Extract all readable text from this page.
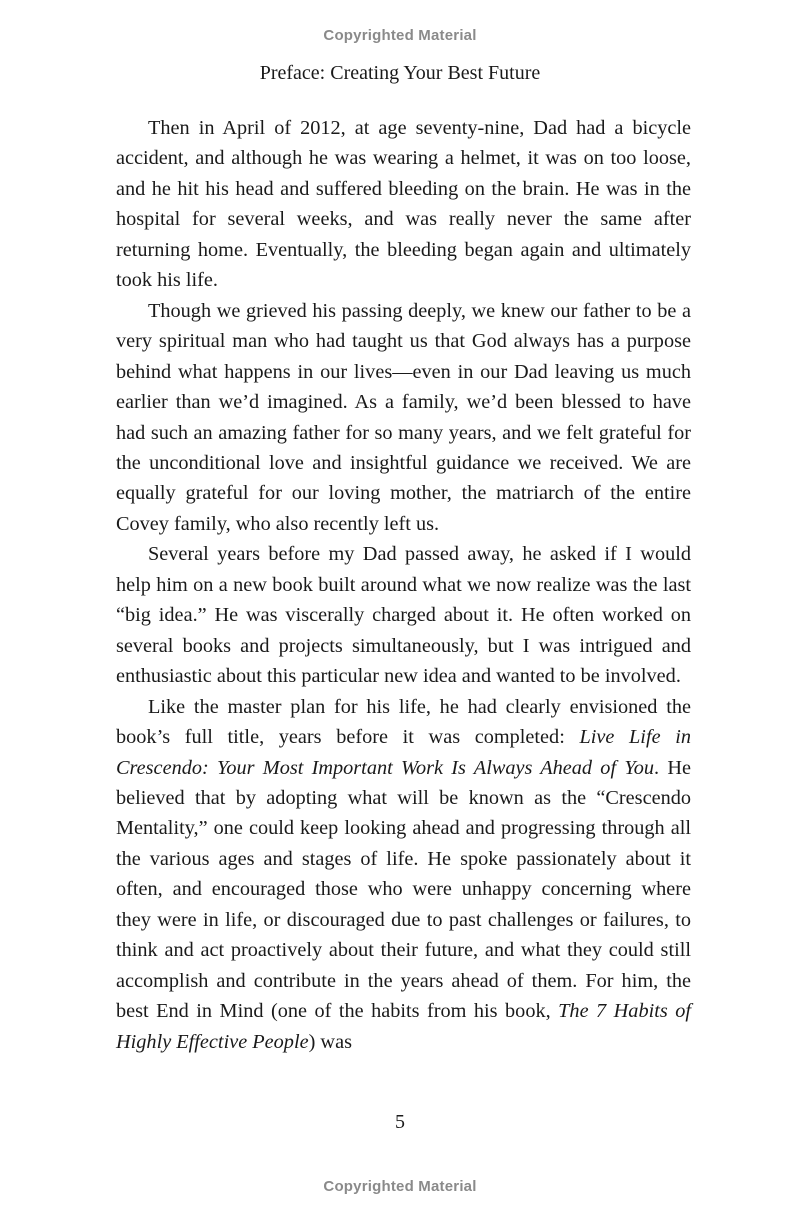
Copyrighted Material
Preface: Creating Your Best Future

Then in April of 2012, at age seventy-nine, Dad had a bicycle accident, and although he was wearing a helmet, it was on too loose, and he hit his head and suffered bleeding on the brain. He was in the hospital for several weeks, and was really never the same after returning home. Eventually, the bleeding began again and ultimately took his life.

Though we grieved his passing deeply, we knew our father to be a very spiritual man who had taught us that God always has a purpose behind what happens in our lives—even in our Dad leaving us much earlier than we’d imagined. As a family, we’d been blessed to have had such an amazing father for so many years, and we felt grateful for the unconditional love and insightful guidance we received. We are equally grateful for our loving mother, the matriarch of the entire Covey family, who also recently left us.

Several years before my Dad passed away, he asked if I would help him on a new book built around what we now realize was the last “big idea.” He was viscerally charged about it. He often worked on several books and projects simultaneously, but I was intrigued and enthusiastic about this particular new idea and wanted to be involved.

Like the master plan for his life, he had clearly envisioned the book’s full title, years before it was completed: Live Life in Crescendo: Your Most Important Work Is Always Ahead of You. He believed that by adopting what will be known as the “Crescendo Mentality,” one could keep looking ahead and progressing through all the various ages and stages of life. He spoke passionately about it often, and encouraged those who were unhappy concerning where they were in life, or discouraged due to past challenges or failures, to think and act proactively about their future, and what they could still accomplish and contribute in the years ahead of them. For him, the best End in Mind (one of the habits from his book, The 7 Habits of Highly Effective People) was

5
Copyrighted Material
